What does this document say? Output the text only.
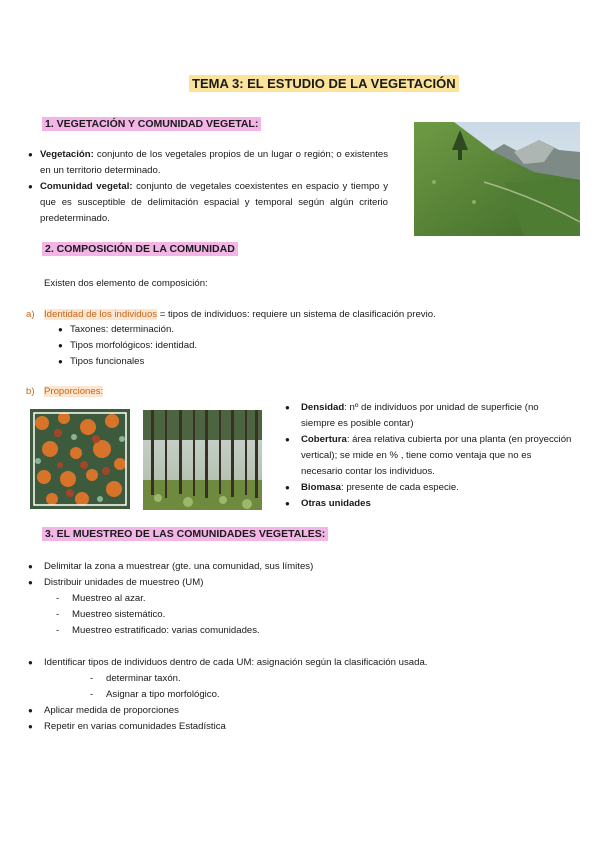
TEMA 3: EL ESTUDIO DE LA VEGETACIÓN
1. VEGETACIÓN Y COMUNIDAD VEGETAL:
● Vegetación: conjunto de los vegetales propios de un lugar o región; o existentes en un territorio determinado.
● Comunidad vegetal: conjunto de vegetales coexistentes en espacio y tiempo y que es susceptible de delimitación espacial y temporal según algún criterio predeterminado.
2. COMPOSICIÓN DE LA COMUNIDAD
Existen dos elemento de composición:
a) Identidad de los individuos = tipos de individuos: requiere un sistema de clasificación previo.
● Taxones: determinación.
● Tipos morfológicos: identidad.
● Tipos funcionales
b) Proporciones:
●	Densidad: nº de individuos por unidad de superficie (no siempre es posible contar)
●	Cobertura: área relativa cubierta por una planta (en proyección vertical); se mide en % , tiene como ventaja que no es necesario contar los individuos.
●	Biomasa: presente de cada especie.
●	Otras unidades
3. EL MUESTREO DE LAS COMUNIDADES VEGETALES:
● Delimitar la zona a muestrear (gte. una comunidad, sus límites)
● Distribuir unidades de muestreo (UM)
- Muestreo al azar.
- Muestreo sistemático.
- Muestreo estratificado: varias comunidades.
● Identificar tipos de individuos dentro de cada UM: asignación según la clasificación usada.
- determinar taxón.
- Asignar a tipo morfológico.
● Aplicar medida de proporciones
● Repetir en varias comunidades Estadística
